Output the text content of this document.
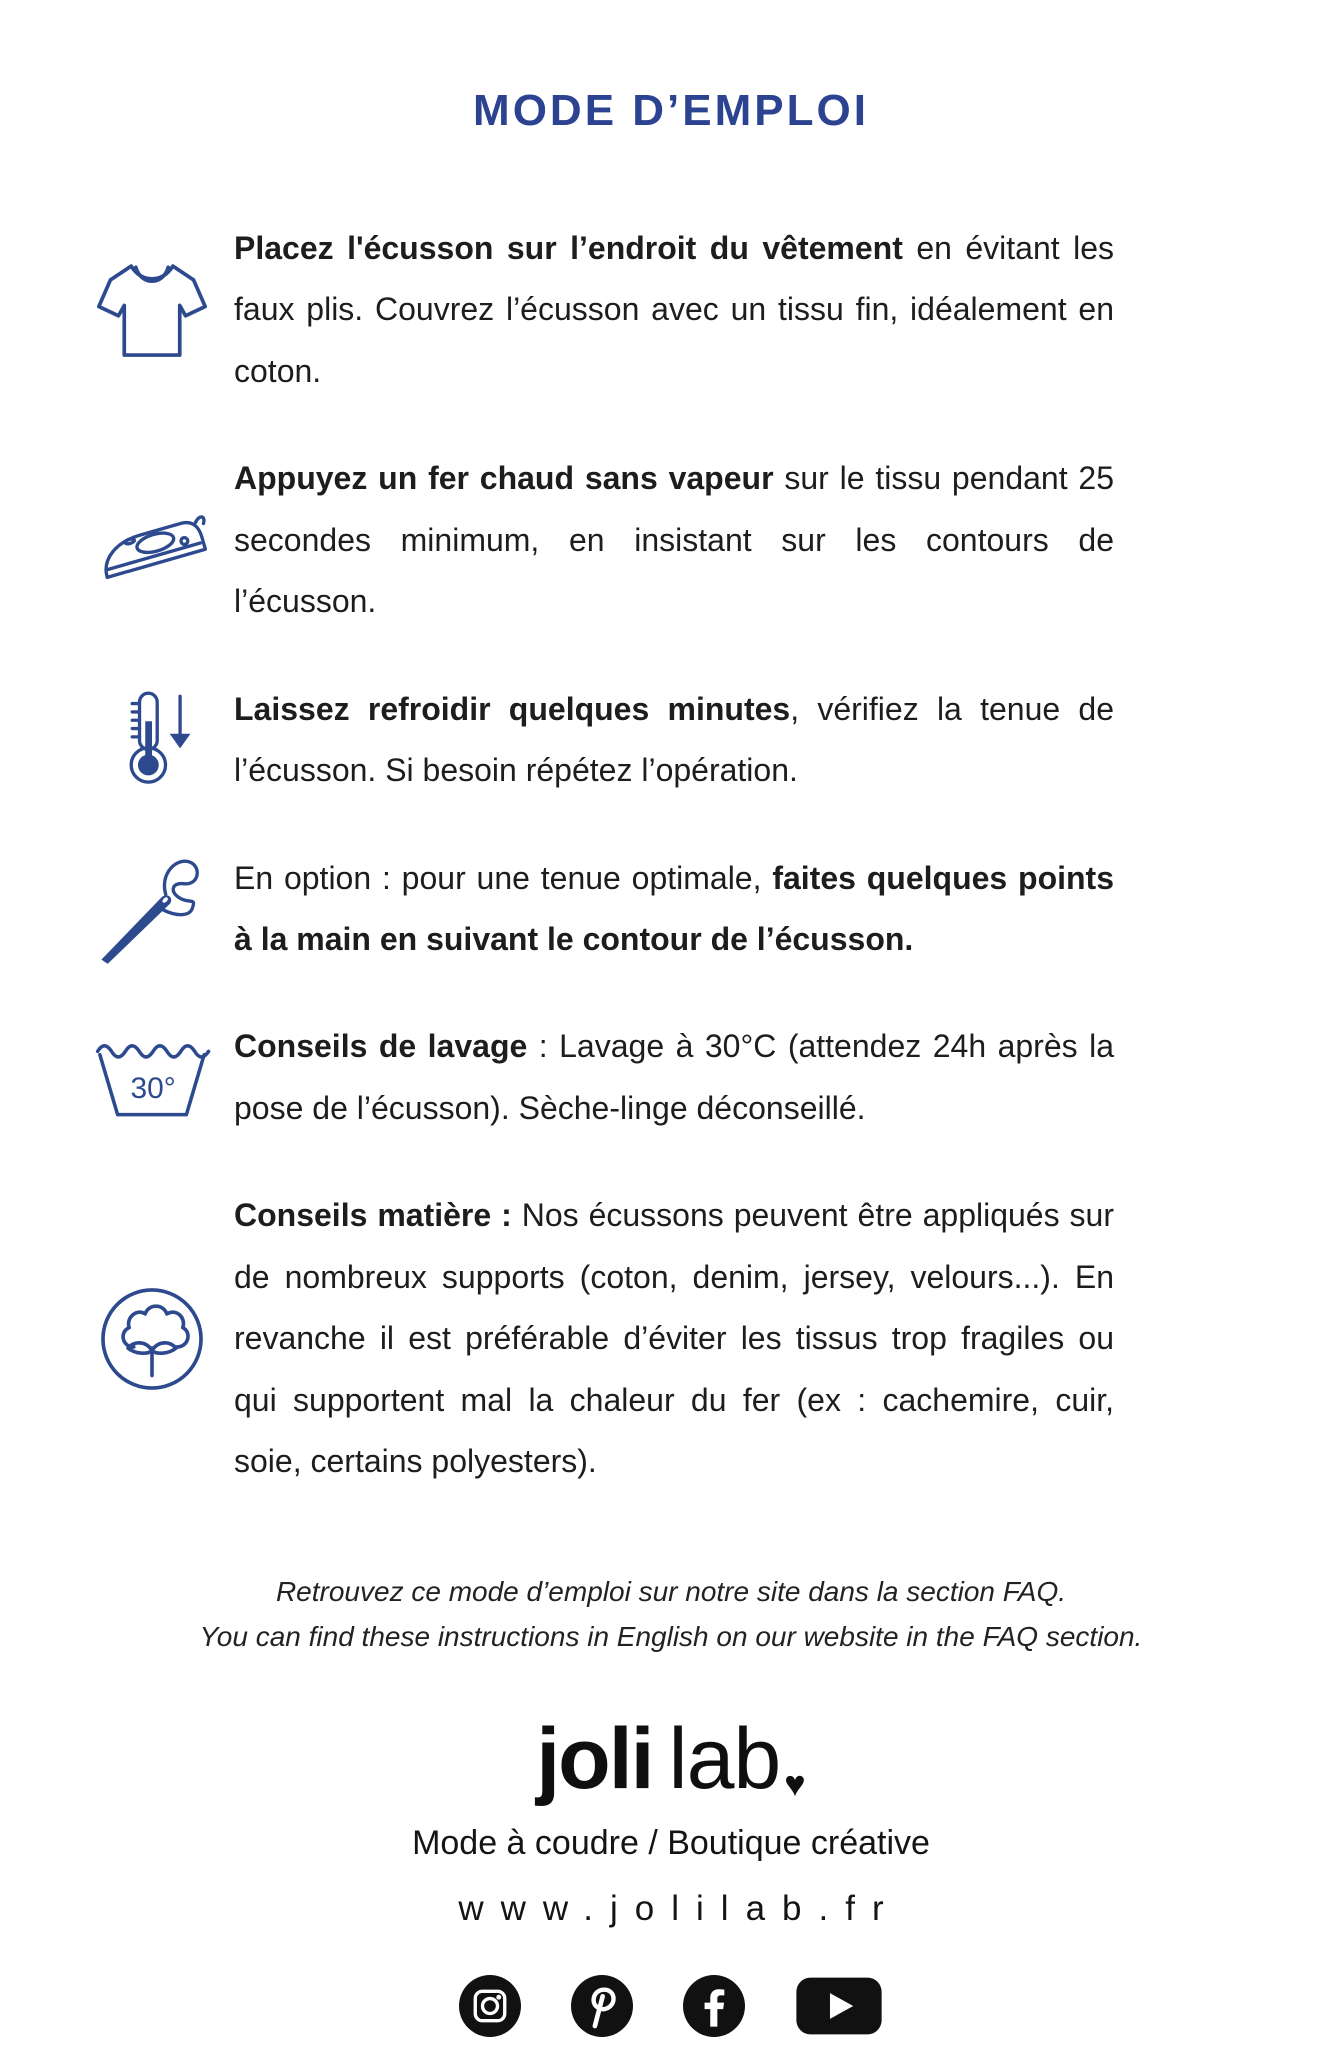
MODE D’EMPLOI

Placez l'écusson sur l’endroit du vêtement en évitant les faux plis. Couvrez l’écusson avec un tissu fin, idéalement en coton.

Appuyez un fer chaud sans vapeur sur le tissu pendant 25 secondes minimum, en insistant sur les contours de l’écusson.

Laissez refroidir quelques minutes, vérifiez la tenue de l’écusson. Si besoin répétez l’opération.

En option : pour une tenue optimale, faites quelques points à la main en suivant le contour de l’écusson.

30°

Conseils de lavage : Lavage à 30°C (attendez 24h après la pose de l’écusson). Sèche-linge déconseillé.

Conseils matière : Nos écussons peuvent être appliqués sur de nombreux supports (coton, denim, jersey, velours...). En revanche il est préférable d’éviter les tissus trop fragiles ou qui supportent mal la chaleur du fer (ex : cachemire, cuir, soie, certains polyesters).

Retrouvez ce mode d’emploi sur notre site dans la section FAQ.

You can find these instructions in English on our website in the FAQ section.

joli lab ♥

Mode à coudre / Boutique créative

www.jolilab.fr
